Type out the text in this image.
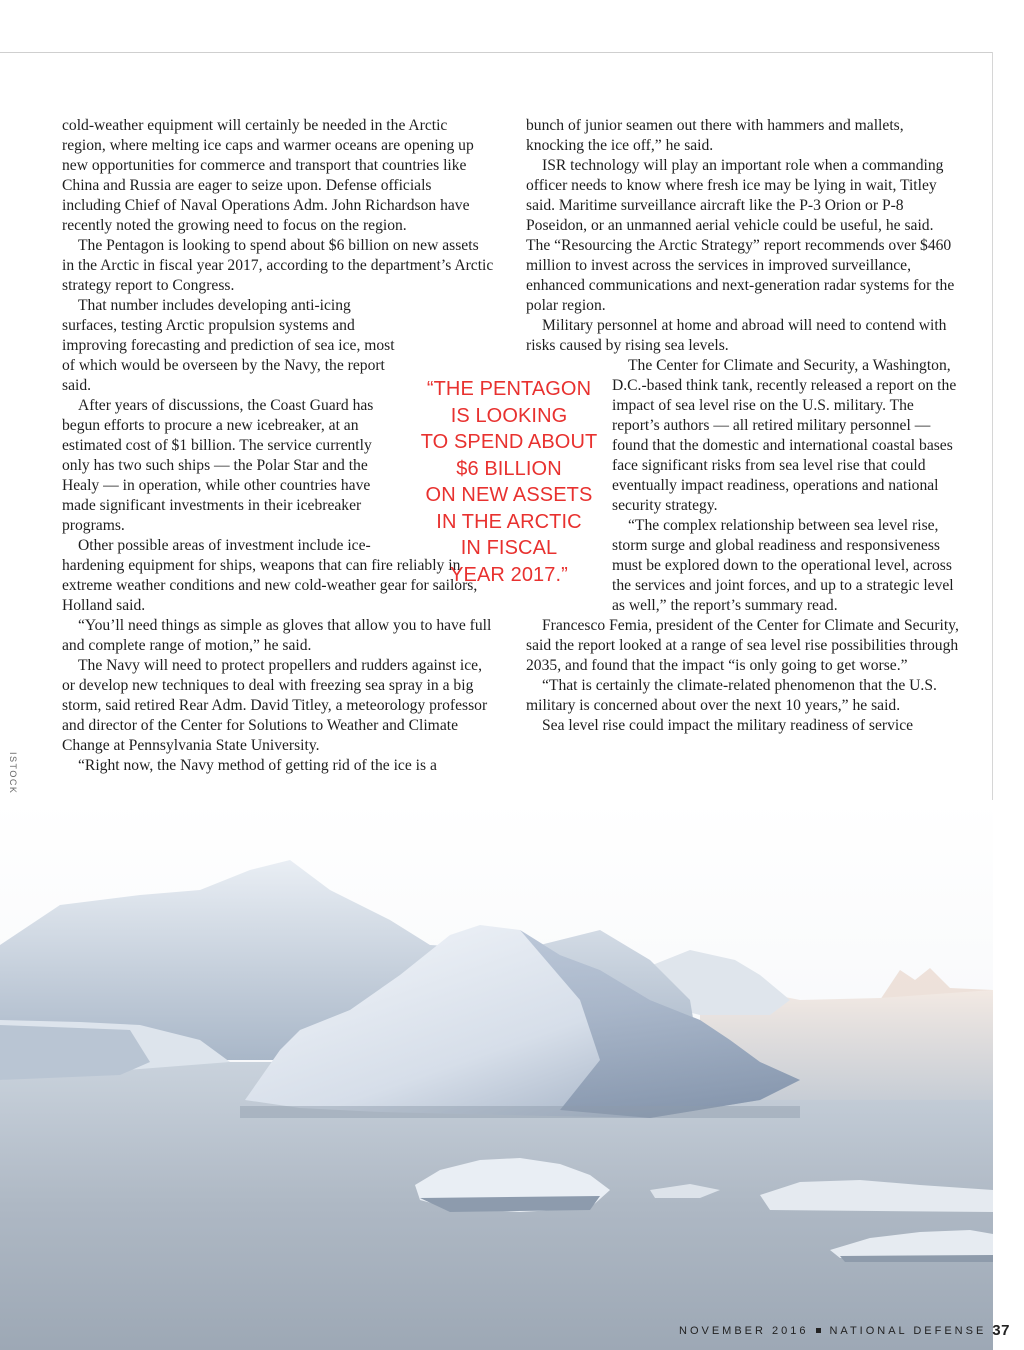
cold-weather equipment will certainly be needed in the Arctic region, where melting ice caps and warmer oceans are opening up new opportunities for commerce and transport that countries like China and Russia are eager to seize upon. Defense officials including Chief of Naval Operations Adm. John Richardson have recently noted the growing need to focus on the region.

The Pentagon is looking to spend about $6 billion on new assets in the Arctic in fiscal year 2017, according to the department’s Arctic strategy report to Congress.

That number includes developing anti-icing surfaces, testing Arctic propulsion systems and improving forecasting and prediction of sea ice, most of which would be overseen by the Navy, the report said.

After years of discussions, the Coast Guard has begun efforts to procure a new icebreaker, at an estimated cost of $1 billion. The service currently only has two such ships — the Polar Star and the Healy — in operation, while other countries have made significant investments in their icebreaker programs.

Other possible areas of investment include ice-hardening equipment for ships, weapons that can fire reliably in extreme weather conditions and new cold-weather gear for sailors, Holland said.

“You’ll need things as simple as gloves that allow you to have full and complete range of motion,” he said.

The Navy will need to protect propellers and rudders against ice, or develop new techniques to deal with freezing sea spray in a big storm, said retired Rear Adm. David Titley, a meteorology professor and director of the Center for Solutions to Weather and Climate Change at Pennsylvania State University.

“Right now, the Navy method of getting rid of the ice is a

bunch of junior seamen out there with hammers and mallets, knocking the ice off,” he said.

ISR technology will play an important role when a commanding officer needs to know where fresh ice may be lying in wait, Titley said. Maritime surveillance aircraft like the P-3 Orion or P-8 Poseidon, or an unmanned aerial vehicle could be useful, he said. The “Resourcing the Arctic Strategy” report recommends over $460 million to invest across the services in improved surveillance, enhanced communications and next-generation radar systems for the polar region.

Military personnel at home and abroad will need to contend with risks caused by rising sea levels.

The Center for Climate and Security, a Washington, D.C.-based think tank, recently released a report on the impact of sea level rise on the U.S. military. The report’s authors — all retired military personnel — found that the domestic and international coastal bases face significant risks from sea level rise that could eventually impact readiness, operations and national security strategy.

“The complex relationship between sea level rise, storm surge and global readiness and responsiveness must be explored down to the operational level, across the services and joint forces, and up to a strategic level as well,” the report’s summary read.

Francesco Femia, president of the Center for Climate and Security, said the report looked at a range of sea level rise possibilities through 2035, and found that the impact “is only going to get worse.”

“That is certainly the climate-related phenomenon that the U.S. military is concerned about over the next 10 years,” he said.

Sea level rise could impact the military readiness of service

“THE PENTAGON
IS LOOKING
TO SPEND ABOUT
$6 BILLION
ON NEW ASSETS
IN THE ARCTIC
IN FISCAL
YEAR 2017.”
ISTOCK
NOVEMBER 2016 NATIONAL DEFENSE 37
